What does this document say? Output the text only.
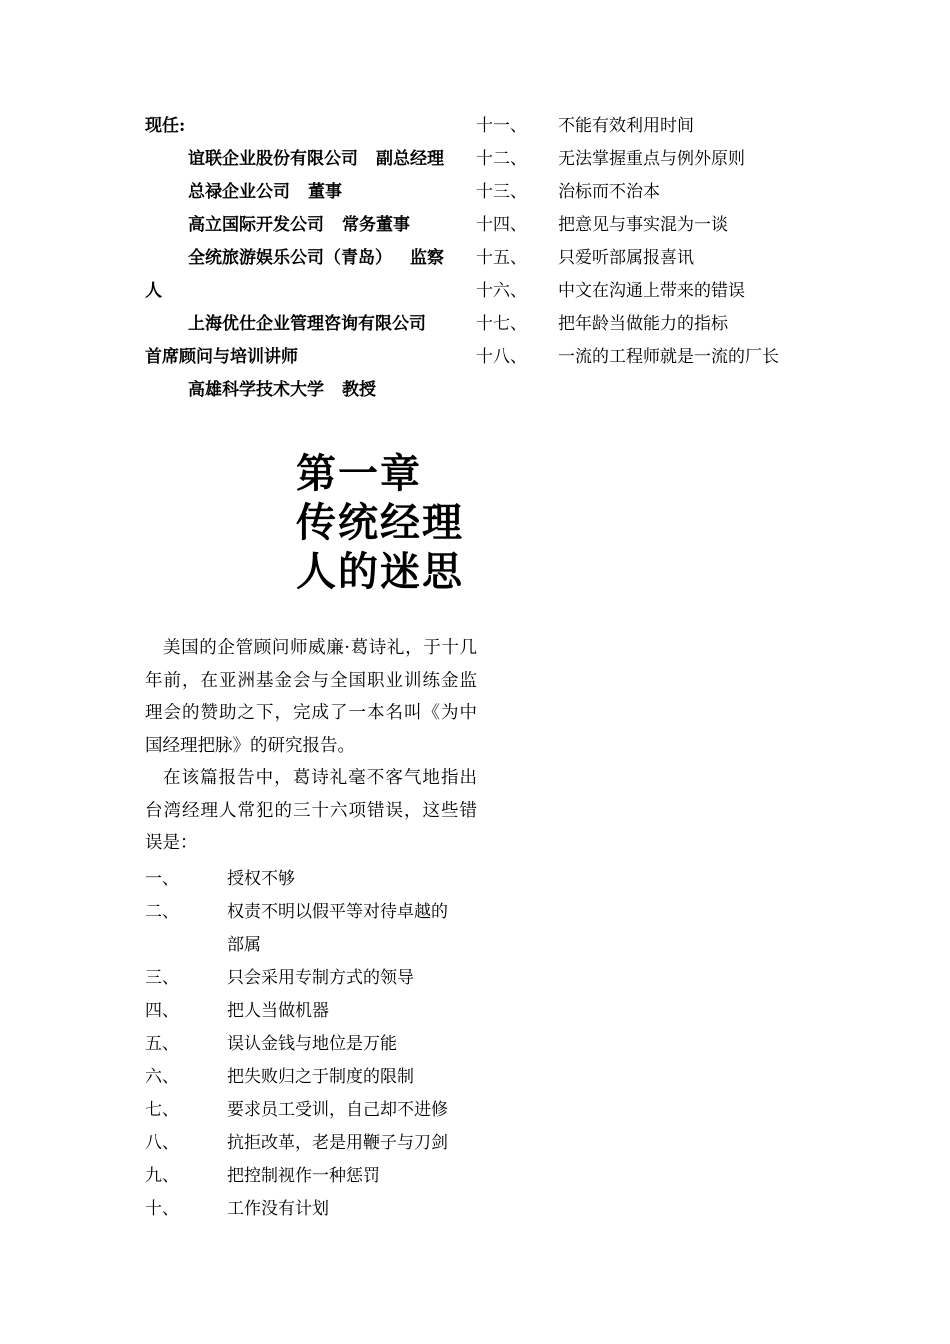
现任:
谊联企业股份有限公司 副总经理
总禄企业公司 董事
高立国际开发公司 常务董事
全统旅游娱乐公司（青岛） 监察
人
上海优仕企业管理咨询有限公司
首席顾问与培训讲师
高雄科学技术大学 教授
十一、 不能有效利用时间
十二、 无法掌握重点与例外原则
十三、 治标而不治本
十四、 把意见与事实混为一谈
十五、 只爱听部属报喜讯
十六、 中文在沟通上带来的错误
十七、 把年龄当做能力的指标
十八、 一流的工程师就是一流的厂长
第一章
传统经理
人的迷思

美国的企管顾问师威廉·葛诗礼，于十几年前，在亚洲基金会与全国职业训练金监理会的赞助之下，完成了一本名叫《为中国经理把脉》的研究报告。

在该篇报告中，葛诗礼毫不客气地指出台湾经理人常犯的三十六项错误，这些错误是：

一、	授权不够
二、	权责不明以假平等对待卓越的
部属
三、	只会采用专制方式的领导
四、	把人当做机器
五、	误认金钱与地位是万能
六、	把失败归之于制度的限制
七、	要求员工受训，自己却不进修
八、	抗拒改革，老是用鞭子与刀剑
九、	把控制视作一种惩罚
十、	工作没有计划
